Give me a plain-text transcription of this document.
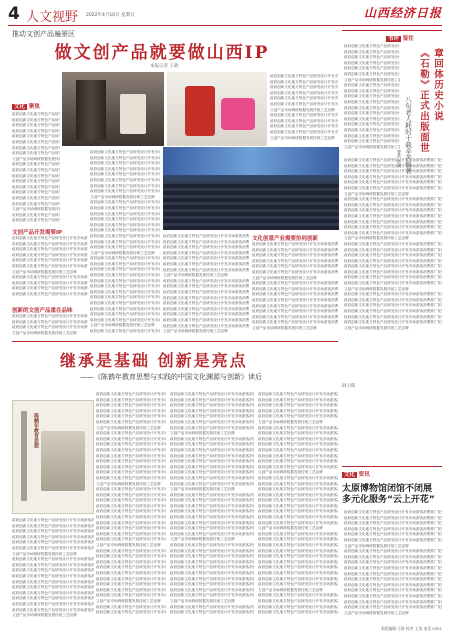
4 人文视野 2022年4月10日 星期日	山西经济日报
推动文创产品遍景区
做文创产品就要做山西IP
本报记者 王晓
文化 聚焦
政府创新文化地方特色产品研发设计开发市场游客消费推广发展传统工艺品牌旅游非遗文创产业融合山西展示城市历史博物馆资源开发政府创新文化地方特色产品研发设计开发市场游客消费推广发展传统工艺品牌旅游
政府创新文化地方特色产品研发设计开发市场游客消费推广发展传统工艺品牌旅游非遗文创产业融合山西展示城市历史博物馆资源开发政府创新文化地方特色产品研发设计开发市场游客消费推广发展传统工艺品牌旅游
政府创新文化地方特色产品研发设计开发市场游客消费推广发展传统工艺品牌旅游非遗文创产业融合山西展示城市历史博物馆资源开发政府创新文化地方特色产品研发设计开发市场游客消费推广发展传统工艺品牌旅游
政府创新文化地方特色产品研发设计开发市场游客消费推广发展传统工艺品牌旅游非遗文创产业融合山西展示城市历史博物馆资源开发政府创新文化地方特色产品研发设计开发市场游客消费推广发展传统工艺品牌旅游
政府创新文化地方特色产品研发设计开发市场游客消费推广发展传统工艺品牌旅游非遗文创产业融合山西展示城市历史博物馆资源开发政府创新文化地方特色产品研发设计开发市场游客消费推广发展传统工艺品牌旅游
政府创新文化地方特色产品研发设计开发市场游客消费推广发展传统工艺品牌旅游非遗文创产业融合山西展示城市历史博物馆资源开发政府创新文化地方特色产品研发设计开发市场游客消费推广发展传统工艺品牌旅游
政府创新文化地方特色产品研发设计开发市场游客消费推广发展传统工艺品牌旅游非遗文创产业融合山西展示城市历史博物馆资源开发政府创新文化地方特色产品研发设计开发市场游客消费推广发展传统工艺品牌旅游
政府创新文化地方特色产品研发设计开发市场游客消费推广发展传统工艺品牌旅游非遗文创产业融合山西展示城市历史博物馆资源开发政府创新文化地方特色产品研发设计开发市场游客消费推广发展传统工艺品牌旅游
文创产品市场调研数据发展传统工艺品牌
政府创新文化地方特色产品研发设计开发市场游客消费推广发展传统工艺品牌旅游非遗文创产业融合山西展示城市历史博物馆资源开发政府创新文化地方特色产品研发设计开发市场游客消费推广发展传统工艺品牌旅游
政府创新文化地方特色产品研发设计开发市场游客消费推广发展传统工艺品牌旅游非遗文创产业融合山西展示城市历史博物馆资源开发政府创新文化地方特色产品研发设计开发市场游客消费推广发展传统工艺品牌旅游
政府创新文化地方特色产品研发设计开发市场游客消费推广发展传统工艺品牌旅游非遗文创产业融合山西展示城市历史博物馆资源开发政府创新文化地方特色产品研发设计开发市场游客消费推广发展传统工艺品牌旅游
政府创新文化地方特色产品研发设计开发市场游客消费推广发展传统工艺品牌旅游非遗文创产业融合山西展示城市历史博物馆资源开发政府创新文化地方特色产品研发设计开发市场游客消费推广发展传统工艺品牌旅游
政府创新文化地方特色产品研发设计开发市场游客消费推广发展传统工艺品牌旅游非遗文创产业融合山西展示城市历史博物馆资源开发政府创新文化地方特色产品研发设计开发市场游客消费推广发展传统工艺品牌旅游
政府创新文化地方特色产品研发设计开发市场游客消费推广发展传统工艺品牌旅游非遗文创产业融合山西展示城市历史博物馆资源开发政府创新文化地方特色产品研发设计开发市场游客消费推广发展传统工艺品牌旅游
政府创新文化地方特色产品研发设计开发市场游客消费推广发展传统工艺品牌旅游非遗文创产业融合山西展示城市历史博物馆资源开发政府创新文化地方特色产品研发设计开发市场游客消费推广发展传统工艺品牌旅游
政府创新文化地方特色产品研发设计开发市场游客消费推广发展传统工艺品牌旅游非遗文创产业融合山西展示城市历史博物馆资源开发政府创新文化地方特色产品研发设计开发市场游客消费推广发展传统工艺品牌旅游
文创产品市场调研数据发展传统工艺品牌
政府创新文化地方特色产品研发设计开发市场游客消费推广发展传统工艺品牌旅游非遗文创产业融合山西展示城市历史博物馆资源开发政府创新文化地方特色产品研发设计开发市场游客消费推广发展传统工艺品牌旅游
政府创新文化地方特色产品研发设计开发市场游客消费推广发展传统工艺品牌旅游非遗文创产业融合山西展示城市历史博物馆资源开发政府创新文化地方特色产品研发设计开发市场游客消费推广发展传统工艺品牌旅游
文创产品开发需要IP
政府创新文化地方特色产品研发设计开发市场游客消费推广发展传统工艺品牌旅游非遗文创产业融合山西展示城市历史博物馆资源开发政府创新文化地方特色产品研发设计开发市场游客消费推广发展传统工艺品牌旅游
政府创新文化地方特色产品研发设计开发市场游客消费推广发展传统工艺品牌旅游非遗文创产业融合山西展示城市历史博物馆资源开发政府创新文化地方特色产品研发设计开发市场游客消费推广发展传统工艺品牌旅游
政府创新文化地方特色产品研发设计开发市场游客消费推广发展传统工艺品牌旅游非遗文创产业融合山西展示城市历史博物馆资源开发政府创新文化地方特色产品研发设计开发市场游客消费推广发展传统工艺品牌旅游
政府创新文化地方特色产品研发设计开发市场游客消费推广发展传统工艺品牌旅游非遗文创产业融合山西展示城市历史博物馆资源开发政府创新文化地方特色产品研发设计开发市场游客消费推广发展传统工艺品牌旅游
政府创新文化地方特色产品研发设计开发市场游客消费推广发展传统工艺品牌旅游非遗文创产业融合山西展示城市历史博物馆资源开发政府创新文化地方特色产品研发设计开发市场游客消费推广发展传统工艺品牌旅游
政府创新文化地方特色产品研发设计开发市场游客消费推广发展传统工艺品牌旅游非遗文创产业融合山西展示城市历史博物馆资源开发政府创新文化地方特色产品研发设计开发市场游客消费推广发展传统工艺品牌旅游
文创产品市场调研数据发展传统工艺品牌
政府创新文化地方特色产品研发设计开发市场游客消费推广发展传统工艺品牌旅游非遗文创产业融合山西展示城市历史博物馆资源开发政府创新文化地方特色产品研发设计开发市场游客消费推广发展传统工艺品牌旅游
政府创新文化地方特色产品研发设计开发市场游客消费推广发展传统工艺品牌旅游非遗文创产业融合山西展示城市历史博物馆资源开发政府创新文化地方特色产品研发设计开发市场游客消费推广发展传统工艺品牌旅游
政府创新文化地方特色产品研发设计开发市场游客消费推广发展传统工艺品牌旅游非遗文创产业融合山西展示城市历史博物馆资源开发政府创新文化地方特色产品研发设计开发市场游客消费推广发展传统工艺品牌旅游
政府创新文化地方特色产品研发设计开发市场游客消费推广发展传统工艺品牌旅游非遗文创产业融合山西展示城市历史博物馆资源开发政府创新文化地方特色产品研发设计开发市场游客消费推广发展传统工艺品牌旅游
创新的文创产品重在品味
政府创新文化地方特色产品研发设计开发市场游客消费推广发展传统工艺品牌旅游非遗文创产业融合山西展示城市历史博物馆资源开发政府创新文化地方特色产品研发设计开发市场游客消费推广发展传统工艺品牌旅游
政府创新文化地方特色产品研发设计开发市场游客消费推广发展传统工艺品牌旅游非遗文创产业融合山西展示城市历史博物馆资源开发政府创新文化地方特色产品研发设计开发市场游客消费推广发展传统工艺品牌旅游
政府创新文化地方特色产品研发设计开发市场游客消费推广发展传统工艺品牌旅游非遗文创产业融合山西展示城市历史博物馆资源开发政府创新文化地方特色产品研发设计开发市场游客消费推广发展传统工艺品牌旅游
文创产品市场调研数据发展传统工艺品牌
政府创新文化地方特色产品研发设计开发市场游客消费推广发展传统工艺品牌旅游非遗文创产业融合山西展示城市历史博物馆资源开发政府创新文化地方特色产品研发设计开发市场游客消费推广发展传统工艺品牌旅游
政府创新文化地方特色产品研发设计开发市场游客消费推广发展传统工艺品牌旅游非遗文创产业融合山西展示城市历史博物馆资源开发政府创新文化地方特色产品研发设计开发市场游客消费推广发展传统工艺品牌旅游
政府创新文化地方特色产品研发设计开发市场游客消费推广发展传统工艺品牌旅游非遗文创产业融合山西展示城市历史博物馆资源开发政府创新文化地方特色产品研发设计开发市场游客消费推广发展传统工艺品牌旅游
政府创新文化地方特色产品研发设计开发市场游客消费推广发展传统工艺品牌旅游非遗文创产业融合山西展示城市历史博物馆资源开发政府创新文化地方特色产品研发设计开发市场游客消费推广发展传统工艺品牌旅游
政府创新文化地方特色产品研发设计开发市场游客消费推广发展传统工艺品牌旅游非遗文创产业融合山西展示城市历史博物馆资源开发政府创新文化地方特色产品研发设计开发市场游客消费推广发展传统工艺品牌旅游
政府创新文化地方特色产品研发设计开发市场游客消费推广发展传统工艺品牌旅游非遗文创产业融合山西展示城市历史博物馆资源开发政府创新文化地方特色产品研发设计开发市场游客消费推广发展传统工艺品牌旅游
政府创新文化地方特色产品研发设计开发市场游客消费推广发展传统工艺品牌旅游非遗文创产业融合山西展示城市历史博物馆资源开发政府创新文化地方特色产品研发设计开发市场游客消费推广发展传统工艺品牌旅游
政府创新文化地方特色产品研发设计开发市场游客消费推广发展传统工艺品牌旅游非遗文创产业融合山西展示城市历史博物馆资源开发政府创新文化地方特色产品研发设计开发市场游客消费推广发展传统工艺品牌旅游
文创产品市场调研数据发展传统工艺品牌
政府创新文化地方特色产品研发设计开发市场游客消费推广发展传统工艺品牌旅游非遗文创产业融合山西展示城市历史博物馆资源开发政府创新文化地方特色产品研发设计开发市场游客消费推广发展传统工艺品牌旅游
政府创新文化地方特色产品研发设计开发市场游客消费推广发展传统工艺品牌旅游非遗文创产业融合山西展示城市历史博物馆资源开发政府创新文化地方特色产品研发设计开发市场游客消费推广发展传统工艺品牌旅游
政府创新文化地方特色产品研发设计开发市场游客消费推广发展传统工艺品牌旅游非遗文创产业融合山西展示城市历史博物馆资源开发政府创新文化地方特色产品研发设计开发市场游客消费推广发展传统工艺品牌旅游
政府创新文化地方特色产品研发设计开发市场游客消费推广发展传统工艺品牌旅游非遗文创产业融合山西展示城市历史博物馆资源开发政府创新文化地方特色产品研发设计开发市场游客消费推广发展传统工艺品牌旅游
政府创新文化地方特色产品研发设计开发市场游客消费推广发展传统工艺品牌旅游非遗文创产业融合山西展示城市历史博物馆资源开发政府创新文化地方特色产品研发设计开发市场游客消费推广发展传统工艺品牌旅游
政府创新文化地方特色产品研发设计开发市场游客消费推广发展传统工艺品牌旅游非遗文创产业融合山西展示城市历史博物馆资源开发政府创新文化地方特色产品研发设计开发市场游客消费推广发展传统工艺品牌旅游
政府创新文化地方特色产品研发设计开发市场游客消费推广发展传统工艺品牌旅游非遗文创产业融合山西展示城市历史博物馆资源开发政府创新文化地方特色产品研发设计开发市场游客消费推广发展传统工艺品牌旅游
政府创新文化地方特色产品研发设计开发市场游客消费推广发展传统工艺品牌旅游非遗文创产业融合山西展示城市历史博物馆资源开发政府创新文化地方特色产品研发设计开发市场游客消费推广发展传统工艺品牌旅游
政府创新文化地方特色产品研发设计开发市场游客消费推广发展传统工艺品牌旅游非遗文创产业融合山西展示城市历史博物馆资源开发政府创新文化地方特色产品研发设计开发市场游客消费推广发展传统工艺品牌旅游
文创产品市场调研数据发展传统工艺品牌
政府创新文化地方特色产品研发设计开发市场游客消费推广发展传统工艺品牌旅游非遗文创产业融合山西展示城市历史博物馆资源开发政府创新文化地方特色产品研发设计开发市场游客消费推广发展传统工艺品牌旅游
政府创新文化地方特色产品研发设计开发市场游客消费推广发展传统工艺品牌旅游非遗文创产业融合山西展示城市历史博物馆资源开发政府创新文化地方特色产品研发设计开发市场游客消费推广发展传统工艺品牌旅游
政府创新文化地方特色产品研发设计开发市场游客消费推广发展传统工艺品牌旅游非遗文创产业融合山西展示城市历史博物馆资源开发政府创新文化地方特色产品研发设计开发市场游客消费推广发展传统工艺品牌旅游
政府创新文化地方特色产品研发设计开发市场游客消费推广发展传统工艺品牌旅游非遗文创产业融合山西展示城市历史博物馆资源开发政府创新文化地方特色产品研发设计开发市场游客消费推广发展传统工艺品牌旅游
政府创新文化地方特色产品研发设计开发市场游客消费推广发展传统工艺品牌旅游非遗文创产业融合山西展示城市历史博物馆资源开发政府创新文化地方特色产品研发设计开发市场游客消费推广发展传统工艺品牌旅游
政府创新文化地方特色产品研发设计开发市场游客消费推广发展传统工艺品牌旅游非遗文创产业融合山西展示城市历史博物馆资源开发政府创新文化地方特色产品研发设计开发市场游客消费推广发展传统工艺品牌旅游
政府创新文化地方特色产品研发设计开发市场游客消费推广发展传统工艺品牌旅游非遗文创产业融合山西展示城市历史博物馆资源开发政府创新文化地方特色产品研发设计开发市场游客消费推广发展传统工艺品牌旅游
政府创新文化地方特色产品研发设计开发市场游客消费推广发展传统工艺品牌旅游非遗文创产业融合山西展示城市历史博物馆资源开发政府创新文化地方特色产品研发设计开发市场游客消费推广发展传统工艺品牌旅游
政府创新文化地方特色产品研发设计开发市场游客消费推广发展传统工艺品牌旅游非遗文创产业融合山西展示城市历史博物馆资源开发政府创新文化地方特色产品研发设计开发市场游客消费推广发展传统工艺品牌旅游
政府创新文化地方特色产品研发设计开发市场游客消费推广发展传统工艺品牌旅游非遗文创产业融合山西展示城市历史博物馆资源开发政府创新文化地方特色产品研发设计开发市场游客消费推广发展传统工艺品牌旅游
政府创新文化地方特色产品研发设计开发市场游客消费推广发展传统工艺品牌旅游非遗文创产业融合山西展示城市历史博物馆资源开发政府创新文化地方特色产品研发设计开发市场游客消费推广发展传统工艺品牌旅游
政府创新文化地方特色产品研发设计开发市场游客消费推广发展传统工艺品牌旅游非遗文创产业融合山西展示城市历史博物馆资源开发政府创新文化地方特色产品研发设计开发市场游客消费推广发展传统工艺品牌旅游
文创产品市场调研数据发展传统工艺品牌
政府创新文化地方特色产品研发设计开发市场游客消费推广发展传统工艺品牌旅游非遗文创产业融合山西展示城市历史博物馆资源开发政府创新文化地方特色产品研发设计开发市场游客消费推广发展传统工艺品牌旅游
政府创新文化地方特色产品研发设计开发市场游客消费推广发展传统工艺品牌旅游非遗文创产业融合山西展示城市历史博物馆资源开发政府创新文化地方特色产品研发设计开发市场游客消费推广发展传统工艺品牌旅游
政府创新文化地方特色产品研发设计开发市场游客消费推广发展传统工艺品牌旅游非遗文创产业融合山西展示城市历史博物馆资源开发政府创新文化地方特色产品研发设计开发市场游客消费推广发展传统工艺品牌旅游
政府创新文化地方特色产品研发设计开发市场游客消费推广发展传统工艺品牌旅游非遗文创产业融合山西展示城市历史博物馆资源开发政府创新文化地方特色产品研发设计开发市场游客消费推广发展传统工艺品牌旅游
政府创新文化地方特色产品研发设计开发市场游客消费推广发展传统工艺品牌旅游非遗文创产业融合山西展示城市历史博物馆资源开发政府创新文化地方特色产品研发设计开发市场游客消费推广发展传统工艺品牌旅游
政府创新文化地方特色产品研发设计开发市场游客消费推广发展传统工艺品牌旅游非遗文创产业融合山西展示城市历史博物馆资源开发政府创新文化地方特色产品研发设计开发市场游客消费推广发展传统工艺品牌旅游
政府创新文化地方特色产品研发设计开发市场游客消费推广发展传统工艺品牌旅游非遗文创产业融合山西展示城市历史博物馆资源开发政府创新文化地方特色产品研发设计开发市场游客消费推广发展传统工艺品牌旅游
政府创新文化地方特色产品研发设计开发市场游客消费推广发展传统工艺品牌旅游非遗文创产业融合山西展示城市历史博物馆资源开发政府创新文化地方特色产品研发设计开发市场游客消费推广发展传统工艺品牌旅游
文创产品市场调研数据发展传统工艺品牌
政府创新文化地方特色产品研发设计开发市场游客消费推广发展传统工艺品牌旅游非遗文创产业融合山西展示城市历史博物馆资源开发政府创新文化地方特色产品研发设计开发市场游客消费推广发展传统工艺品牌旅游
政府创新文化地方特色产品研发设计开发市场游客消费推广发展传统工艺品牌旅游非遗文创产业融合山西展示城市历史博物馆资源开发政府创新文化地方特色产品研发设计开发市场游客消费推广发展传统工艺品牌旅游
政府创新文化地方特色产品研发设计开发市场游客消费推广发展传统工艺品牌旅游非遗文创产业融合山西展示城市历史博物馆资源开发政府创新文化地方特色产品研发设计开发市场游客消费推广发展传统工艺品牌旅游
政府创新文化地方特色产品研发设计开发市场游客消费推广发展传统工艺品牌旅游非遗文创产业融合山西展示城市历史博物馆资源开发政府创新文化地方特色产品研发设计开发市场游客消费推广发展传统工艺品牌旅游
政府创新文化地方特色产品研发设计开发市场游客消费推广发展传统工艺品牌旅游非遗文创产业融合山西展示城市历史博物馆资源开发政府创新文化地方特色产品研发设计开发市场游客消费推广发展传统工艺品牌旅游
政府创新文化地方特色产品研发设计开发市场游客消费推广发展传统工艺品牌旅游非遗文创产业融合山西展示城市历史博物馆资源开发政府创新文化地方特色产品研发设计开发市场游客消费推广发展传统工艺品牌旅游
政府创新文化地方特色产品研发设计开发市场游客消费推广发展传统工艺品牌旅游非遗文创产业融合山西展示城市历史博物馆资源开发政府创新文化地方特色产品研发设计开发市场游客消费推广发展传统工艺品牌旅游
政府创新文化地方特色产品研发设计开发市场游客消费推广发展传统工艺品牌旅游非遗文创产业融合山西展示城市历史博物馆资源开发政府创新文化地方特色产品研发设计开发市场游客消费推广发展传统工艺品牌旅游
政府创新文化地方特色产品研发设计开发市场游客消费推广发展传统工艺品牌旅游非遗文创产业融合山西展示城市历史博物馆资源开发政府创新文化地方特色产品研发设计开发市场游客消费推广发展传统工艺品牌旅游
文创产品市场调研数据发展传统工艺品牌
文化创意产业需要协同创新
政府创新文化地方特色产品研发设计开发市场游客消费推广发展传统工艺品牌旅游非遗文创产业融合山西展示城市历史博物馆资源开发政府创新文化地方特色产品研发设计开发市场游客消费推广发展传统工艺品牌旅游
政府创新文化地方特色产品研发设计开发市场游客消费推广发展传统工艺品牌旅游非遗文创产业融合山西展示城市历史博物馆资源开发政府创新文化地方特色产品研发设计开发市场游客消费推广发展传统工艺品牌旅游
政府创新文化地方特色产品研发设计开发市场游客消费推广发展传统工艺品牌旅游非遗文创产业融合山西展示城市历史博物馆资源开发政府创新文化地方特色产品研发设计开发市场游客消费推广发展传统工艺品牌旅游
政府创新文化地方特色产品研发设计开发市场游客消费推广发展传统工艺品牌旅游非遗文创产业融合山西展示城市历史博物馆资源开发政府创新文化地方特色产品研发设计开发市场游客消费推广发展传统工艺品牌旅游
政府创新文化地方特色产品研发设计开发市场游客消费推广发展传统工艺品牌旅游非遗文创产业融合山西展示城市历史博物馆资源开发政府创新文化地方特色产品研发设计开发市场游客消费推广发展传统工艺品牌旅游
政府创新文化地方特色产品研发设计开发市场游客消费推广发展传统工艺品牌旅游非遗文创产业融合山西展示城市历史博物馆资源开发政府创新文化地方特色产品研发设计开发市场游客消费推广发展传统工艺品牌旅游
文创产品市场调研数据发展传统工艺品牌
政府创新文化地方特色产品研发设计开发市场游客消费推广发展传统工艺品牌旅游非遗文创产业融合山西展示城市历史博物馆资源开发政府创新文化地方特色产品研发设计开发市场游客消费推广发展传统工艺品牌旅游
政府创新文化地方特色产品研发设计开发市场游客消费推广发展传统工艺品牌旅游非遗文创产业融合山西展示城市历史博物馆资源开发政府创新文化地方特色产品研发设计开发市场游客消费推广发展传统工艺品牌旅游
政府创新文化地方特色产品研发设计开发市场游客消费推广发展传统工艺品牌旅游非遗文创产业融合山西展示城市历史博物馆资源开发政府创新文化地方特色产品研发设计开发市场游客消费推广发展传统工艺品牌旅游
政府创新文化地方特色产品研发设计开发市场游客消费推广发展传统工艺品牌旅游非遗文创产业融合山西展示城市历史博物馆资源开发政府创新文化地方特色产品研发设计开发市场游客消费推广发展传统工艺品牌旅游
政府创新文化地方特色产品研发设计开发市场游客消费推广发展传统工艺品牌旅游非遗文创产业融合山西展示城市历史博物馆资源开发政府创新文化地方特色产品研发设计开发市场游客消费推广发展传统工艺品牌旅游
政府创新文化地方特色产品研发设计开发市场游客消费推广发展传统工艺品牌旅游非遗文创产业融合山西展示城市历史博物馆资源开发政府创新文化地方特色产品研发设计开发市场游客消费推广发展传统工艺品牌旅游
政府创新文化地方特色产品研发设计开发市场游客消费推广发展传统工艺品牌旅游非遗文创产业融合山西展示城市历史博物馆资源开发政府创新文化地方特色产品研发设计开发市场游客消费推广发展传统工艺品牌旅游
政府创新文化地方特色产品研发设计开发市场游客消费推广发展传统工艺品牌旅游非遗文创产业融合山西展示城市历史博物馆资源开发政府创新文化地方特色产品研发设计开发市场游客消费推广发展传统工艺品牌旅游
文创产品市场调研数据发展传统工艺品牌
政府创新文化地方特色产品研发设计开发市场游客消费推广发展传统工艺品牌旅游非遗文创产业融合山西展示城市历史博物馆资源开发政府创新文化地方特色产品研发设计开发市场游客消费推广发展传统工艺品牌旅游
政府创新文化地方特色产品研发设计开发市场游客消费推广发展传统工艺品牌旅游非遗文创产业融合山西展示城市历史博物馆资源开发政府创新文化地方特色产品研发设计开发市场游客消费推广发展传统工艺品牌旅游
政府创新文化地方特色产品研发设计开发市场游客消费推广发展传统工艺品牌旅游非遗文创产业融合山西展示城市历史博物馆资源开发政府创新文化地方特色产品研发设计开发市场游客消费推广发展传统工艺品牌旅游
政府创新文化地方特色产品研发设计开发市场游客消费推广发展传统工艺品牌旅游非遗文创产业融合山西展示城市历史博物馆资源开发政府创新文化地方特色产品研发设计开发市场游客消费推广发展传统工艺品牌旅游
政府创新文化地方特色产品研发设计开发市场游客消费推广发展传统工艺品牌旅游非遗文创产业融合山西展示城市历史博物馆资源开发政府创新文化地方特色产品研发设计开发市场游客消费推广发展传统工艺品牌旅游
政府创新文化地方特色产品研发设计开发市场游客消费推广发展传统工艺品牌旅游非遗文创产业融合山西展示城市历史博物馆资源开发政府创新文化地方特色产品研发设计开发市场游客消费推广发展传统工艺品牌旅游
文创产品市场调研数据发展传统工艺品牌
政府创新文化地方特色产品研发设计开发市场游客消费推广发展传统工艺品牌旅游非遗文创产业融合山西展示城市历史博物馆资源开发政府创新文化地方特色产品研发设计开发市场游客消费推广发展传统工艺品牌旅游
政府创新文化地方特色产品研发设计开发市场游客消费推广发展传统工艺品牌旅游非遗文创产业融合山西展示城市历史博物馆资源开发政府创新文化地方特色产品研发设计开发市场游客消费推广发展传统工艺品牌旅游
政府创新文化地方特色产品研发设计开发市场游客消费推广发展传统工艺品牌旅游非遗文创产业融合山西展示城市历史博物馆资源开发政府创新文化地方特色产品研发设计开发市场游客消费推广发展传统工艺品牌旅游
政府创新文化地方特色产品研发设计开发市场游客消费推广发展传统工艺品牌旅游非遗文创产业融合山西展示城市历史博物馆资源开发政府创新文化地方特色产品研发设计开发市场游客消费推广发展传统工艺品牌旅游
文创产品市场调研数据发展传统工艺品牌
书评 鉴往
政府创新文化地方特色产品研发设计开发市场游客消费推广发展传统工艺品牌旅游非遗文创产业融合山西展示城市历史博物馆资源开发政府创新文化地方特色产品研发设计开发市场游客消费推广发展传统工艺品牌旅游
政府创新文化地方特色产品研发设计开发市场游客消费推广发展传统工艺品牌旅游非遗文创产业融合山西展示城市历史博物馆资源开发政府创新文化地方特色产品研发设计开发市场游客消费推广发展传统工艺品牌旅游
政府创新文化地方特色产品研发设计开发市场游客消费推广发展传统工艺品牌旅游非遗文创产业融合山西展示城市历史博物馆资源开发政府创新文化地方特色产品研发设计开发市场游客消费推广发展传统工艺品牌旅游
政府创新文化地方特色产品研发设计开发市场游客消费推广发展传统工艺品牌旅游非遗文创产业融合山西展示城市历史博物馆资源开发政府创新文化地方特色产品研发设计开发市场游客消费推广发展传统工艺品牌旅游
政府创新文化地方特色产品研发设计开发市场游客消费推广发展传统工艺品牌旅游非遗文创产业融合山西展示城市历史博物馆资源开发政府创新文化地方特色产品研发设计开发市场游客消费推广发展传统工艺品牌旅游
政府创新文化地方特色产品研发设计开发市场游客消费推广发展传统工艺品牌旅游非遗文创产业融合山西展示城市历史博物馆资源开发政府创新文化地方特色产品研发设计开发市场游客消费推广发展传统工艺品牌旅游
文创产品市场调研数据发展传统工艺品牌
政府创新文化地方特色产品研发设计开发市场游客消费推广发展传统工艺品牌旅游非遗文创产业融合山西展示城市历史博物馆资源开发政府创新文化地方特色产品研发设计开发市场游客消费推广发展传统工艺品牌旅游
政府创新文化地方特色产品研发设计开发市场游客消费推广发展传统工艺品牌旅游非遗文创产业融合山西展示城市历史博物馆资源开发政府创新文化地方特色产品研发设计开发市场游客消费推广发展传统工艺品牌旅游
政府创新文化地方特色产品研发设计开发市场游客消费推广发展传统工艺品牌旅游非遗文创产业融合山西展示城市历史博物馆资源开发政府创新文化地方特色产品研发设计开发市场游客消费推广发展传统工艺品牌旅游
政府创新文化地方特色产品研发设计开发市场游客消费推广发展传统工艺品牌旅游非遗文创产业融合山西展示城市历史博物馆资源开发政府创新文化地方特色产品研发设计开发市场游客消费推广发展传统工艺品牌旅游
政府创新文化地方特色产品研发设计开发市场游客消费推广发展传统工艺品牌旅游非遗文创产业融合山西展示城市历史博物馆资源开发政府创新文化地方特色产品研发设计开发市场游客消费推广发展传统工艺品牌旅游
政府创新文化地方特色产品研发设计开发市场游客消费推广发展传统工艺品牌旅游非遗文创产业融合山西展示城市历史博物馆资源开发政府创新文化地方特色产品研发设计开发市场游客消费推广发展传统工艺品牌旅游
政府创新文化地方特色产品研发设计开发市场游客消费推广发展传统工艺品牌旅游非遗文创产业融合山西展示城市历史博物馆资源开发政府创新文化地方特色产品研发设计开发市场游客消费推广发展传统工艺品牌旅游
政府创新文化地方特色产品研发设计开发市场游客消费推广发展传统工艺品牌旅游非遗文创产业融合山西展示城市历史博物馆资源开发政府创新文化地方特色产品研发设计开发市场游客消费推广发展传统工艺品牌旅游
政府创新文化地方特色产品研发设计开发市场游客消费推广发展传统工艺品牌旅游非遗文创产业融合山西展示城市历史博物馆资源开发政府创新文化地方特色产品研发设计开发市场游客消费推广发展传统工艺品牌旅游
政府创新文化地方特色产品研发设计开发市场游客消费推广发展传统工艺品牌旅游非遗文创产业融合山西展示城市历史博物馆资源开发政府创新文化地方特色产品研发设计开发市场游客消费推广发展传统工艺品牌旅游
政府创新文化地方特色产品研发设计开发市场游客消费推广发展传统工艺品牌旅游非遗文创产业融合山西展示城市历史博物馆资源开发政府创新文化地方特色产品研发设计开发市场游客消费推广发展传统工艺品牌旅游
文创产品市场调研数据发展传统工艺品牌
章回体历史小说
《石勒》正式出版面世
八旬老人耗时十载辛苦编著
曹禹 焦刚
政府创新文化地方特色产品研发设计开发市场游客消费推广发展传统工艺品牌旅游非遗文创产业融合山西展示城市历史博物馆资源开发政府创新文化地方特色产品研发设计开发市场游客消费推广发展传统工艺品牌旅游
政府创新文化地方特色产品研发设计开发市场游客消费推广发展传统工艺品牌旅游非遗文创产业融合山西展示城市历史博物馆资源开发政府创新文化地方特色产品研发设计开发市场游客消费推广发展传统工艺品牌旅游
政府创新文化地方特色产品研发设计开发市场游客消费推广发展传统工艺品牌旅游非遗文创产业融合山西展示城市历史博物馆资源开发政府创新文化地方特色产品研发设计开发市场游客消费推广发展传统工艺品牌旅游
政府创新文化地方特色产品研发设计开发市场游客消费推广发展传统工艺品牌旅游非遗文创产业融合山西展示城市历史博物馆资源开发政府创新文化地方特色产品研发设计开发市场游客消费推广发展传统工艺品牌旅游
政府创新文化地方特色产品研发设计开发市场游客消费推广发展传统工艺品牌旅游非遗文创产业融合山西展示城市历史博物馆资源开发政府创新文化地方特色产品研发设计开发市场游客消费推广发展传统工艺品牌旅游
政府创新文化地方特色产品研发设计开发市场游客消费推广发展传统工艺品牌旅游非遗文创产业融合山西展示城市历史博物馆资源开发政府创新文化地方特色产品研发设计开发市场游客消费推广发展传统工艺品牌旅游
文创产品市场调研数据发展传统工艺品牌
政府创新文化地方特色产品研发设计开发市场游客消费推广发展传统工艺品牌旅游非遗文创产业融合山西展示城市历史博物馆资源开发政府创新文化地方特色产品研发设计开发市场游客消费推广发展传统工艺品牌旅游
政府创新文化地方特色产品研发设计开发市场游客消费推广发展传统工艺品牌旅游非遗文创产业融合山西展示城市历史博物馆资源开发政府创新文化地方特色产品研发设计开发市场游客消费推广发展传统工艺品牌旅游
政府创新文化地方特色产品研发设计开发市场游客消费推广发展传统工艺品牌旅游非遗文创产业融合山西展示城市历史博物馆资源开发政府创新文化地方特色产品研发设计开发市场游客消费推广发展传统工艺品牌旅游
政府创新文化地方特色产品研发设计开发市场游客消费推广发展传统工艺品牌旅游非遗文创产业融合山西展示城市历史博物馆资源开发政府创新文化地方特色产品研发设计开发市场游客消费推广发展传统工艺品牌旅游
政府创新文化地方特色产品研发设计开发市场游客消费推广发展传统工艺品牌旅游非遗文创产业融合山西展示城市历史博物馆资源开发政府创新文化地方特色产品研发设计开发市场游客消费推广发展传统工艺品牌旅游
政府创新文化地方特色产品研发设计开发市场游客消费推广发展传统工艺品牌旅游非遗文创产业融合山西展示城市历史博物馆资源开发政府创新文化地方特色产品研发设计开发市场游客消费推广发展传统工艺品牌旅游
政府创新文化地方特色产品研发设计开发市场游客消费推广发展传统工艺品牌旅游非遗文创产业融合山西展示城市历史博物馆资源开发政府创新文化地方特色产品研发设计开发市场游客消费推广发展传统工艺品牌旅游
文创产品市场调研数据发展传统工艺品牌
政府创新文化地方特色产品研发设计开发市场游客消费推广发展传统工艺品牌旅游非遗文创产业融合山西展示城市历史博物馆资源开发政府创新文化地方特色产品研发设计开发市场游客消费推广发展传统工艺品牌旅游
政府创新文化地方特色产品研发设计开发市场游客消费推广发展传统工艺品牌旅游非遗文创产业融合山西展示城市历史博物馆资源开发政府创新文化地方特色产品研发设计开发市场游客消费推广发展传统工艺品牌旅游
政府创新文化地方特色产品研发设计开发市场游客消费推广发展传统工艺品牌旅游非遗文创产业融合山西展示城市历史博物馆资源开发政府创新文化地方特色产品研发设计开发市场游客消费推广发展传统工艺品牌旅游
政府创新文化地方特色产品研发设计开发市场游客消费推广发展传统工艺品牌旅游非遗文创产业融合山西展示城市历史博物馆资源开发政府创新文化地方特色产品研发设计开发市场游客消费推广发展传统工艺品牌旅游
政府创新文化地方特色产品研发设计开发市场游客消费推广发展传统工艺品牌旅游非遗文创产业融合山西展示城市历史博物馆资源开发政府创新文化地方特色产品研发设计开发市场游客消费推广发展传统工艺品牌旅游
政府创新文化地方特色产品研发设计开发市场游客消费推广发展传统工艺品牌旅游非遗文创产业融合山西展示城市历史博物馆资源开发政府创新文化地方特色产品研发设计开发市场游客消费推广发展传统工艺品牌旅游
政府创新文化地方特色产品研发设计开发市场游客消费推广发展传统工艺品牌旅游非遗文创产业融合山西展示城市历史博物馆资源开发政府创新文化地方特色产品研发设计开发市场游客消费推广发展传统工艺品牌旅游
政府创新文化地方特色产品研发设计开发市场游客消费推广发展传统工艺品牌旅游非遗文创产业融合山西展示城市历史博物馆资源开发政府创新文化地方特色产品研发设计开发市场游客消费推广发展传统工艺品牌旅游
文创产品市场调研数据发展传统工艺品牌
政府创新文化地方特色产品研发设计开发市场游客消费推广发展传统工艺品牌旅游非遗文创产业融合山西展示城市历史博物馆资源开发政府创新文化地方特色产品研发设计开发市场游客消费推广发展传统工艺品牌旅游
政府创新文化地方特色产品研发设计开发市场游客消费推广发展传统工艺品牌旅游非遗文创产业融合山西展示城市历史博物馆资源开发政府创新文化地方特色产品研发设计开发市场游客消费推广发展传统工艺品牌旅游
政府创新文化地方特色产品研发设计开发市场游客消费推广发展传统工艺品牌旅游非遗文创产业融合山西展示城市历史博物馆资源开发政府创新文化地方特色产品研发设计开发市场游客消费推广发展传统工艺品牌旅游
政府创新文化地方特色产品研发设计开发市场游客消费推广发展传统工艺品牌旅游非遗文创产业融合山西展示城市历史博物馆资源开发政府创新文化地方特色产品研发设计开发市场游客消费推广发展传统工艺品牌旅游
政府创新文化地方特色产品研发设计开发市场游客消费推广发展传统工艺品牌旅游非遗文创产业融合山西展示城市历史博物馆资源开发政府创新文化地方特色产品研发设计开发市场游客消费推广发展传统工艺品牌旅游
政府创新文化地方特色产品研发设计开发市场游客消费推广发展传统工艺品牌旅游非遗文创产业融合山西展示城市历史博物馆资源开发政府创新文化地方特色产品研发设计开发市场游客消费推广发展传统工艺品牌旅游
文创产品市场调研数据发展传统工艺品牌
继承是基础 创新是亮点
——《陈鹤年教育思想与实践的中国文化渊源与创新》读后
阎力斯
陈鹤年教育思想
政府创新文化地方特色产品研发设计开发市场游客消费推广发展传统工艺品牌旅游非遗文创产业融合山西展示城市历史博物馆资源开发政府创新文化地方特色产品研发设计开发市场游客消费推广发展传统工艺品牌旅游
政府创新文化地方特色产品研发设计开发市场游客消费推广发展传统工艺品牌旅游非遗文创产业融合山西展示城市历史博物馆资源开发政府创新文化地方特色产品研发设计开发市场游客消费推广发展传统工艺品牌旅游
政府创新文化地方特色产品研发设计开发市场游客消费推广发展传统工艺品牌旅游非遗文创产业融合山西展示城市历史博物馆资源开发政府创新文化地方特色产品研发设计开发市场游客消费推广发展传统工艺品牌旅游
政府创新文化地方特色产品研发设计开发市场游客消费推广发展传统工艺品牌旅游非遗文创产业融合山西展示城市历史博物馆资源开发政府创新文化地方特色产品研发设计开发市场游客消费推广发展传统工艺品牌旅游
政府创新文化地方特色产品研发设计开发市场游客消费推广发展传统工艺品牌旅游非遗文创产业融合山西展示城市历史博物馆资源开发政府创新文化地方特色产品研发设计开发市场游客消费推广发展传统工艺品牌旅游
政府创新文化地方特色产品研发设计开发市场游客消费推广发展传统工艺品牌旅游非遗文创产业融合山西展示城市历史博物馆资源开发政府创新文化地方特色产品研发设计开发市场游客消费推广发展传统工艺品牌旅游
文创产品市场调研数据发展传统工艺品牌
政府创新文化地方特色产品研发设计开发市场游客消费推广发展传统工艺品牌旅游非遗文创产业融合山西展示城市历史博物馆资源开发政府创新文化地方特色产品研发设计开发市场游客消费推广发展传统工艺品牌旅游
政府创新文化地方特色产品研发设计开发市场游客消费推广发展传统工艺品牌旅游非遗文创产业融合山西展示城市历史博物馆资源开发政府创新文化地方特色产品研发设计开发市场游客消费推广发展传统工艺品牌旅游
政府创新文化地方特色产品研发设计开发市场游客消费推广发展传统工艺品牌旅游非遗文创产业融合山西展示城市历史博物馆资源开发政府创新文化地方特色产品研发设计开发市场游客消费推广发展传统工艺品牌旅游
政府创新文化地方特色产品研发设计开发市场游客消费推广发展传统工艺品牌旅游非遗文创产业融合山西展示城市历史博物馆资源开发政府创新文化地方特色产品研发设计开发市场游客消费推广发展传统工艺品牌旅游
政府创新文化地方特色产品研发设计开发市场游客消费推广发展传统工艺品牌旅游非遗文创产业融合山西展示城市历史博物馆资源开发政府创新文化地方特色产品研发设计开发市场游客消费推广发展传统工艺品牌旅游
政府创新文化地方特色产品研发设计开发市场游客消费推广发展传统工艺品牌旅游非遗文创产业融合山西展示城市历史博物馆资源开发政府创新文化地方特色产品研发设计开发市场游客消费推广发展传统工艺品牌旅游
政府创新文化地方特色产品研发设计开发市场游客消费推广发展传统工艺品牌旅游非遗文创产业融合山西展示城市历史博物馆资源开发政府创新文化地方特色产品研发设计开发市场游客消费推广发展传统工艺品牌旅游
政府创新文化地方特色产品研发设计开发市场游客消费推广发展传统工艺品牌旅游非遗文创产业融合山西展示城市历史博物馆资源开发政府创新文化地方特色产品研发设计开发市场游客消费推广发展传统工艺品牌旅游
政府创新文化地方特色产品研发设计开发市场游客消费推广发展传统工艺品牌旅游非遗文创产业融合山西展示城市历史博物馆资源开发政府创新文化地方特色产品研发设计开发市场游客消费推广发展传统工艺品牌旅游
文创产品市场调研数据发展传统工艺品牌
政府创新文化地方特色产品研发设计开发市场游客消费推广发展传统工艺品牌旅游非遗文创产业融合山西展示城市历史博物馆资源开发政府创新文化地方特色产品研发设计开发市场游客消费推广发展传统工艺品牌旅游
政府创新文化地方特色产品研发设计开发市场游客消费推广发展传统工艺品牌旅游非遗文创产业融合山西展示城市历史博物馆资源开发政府创新文化地方特色产品研发设计开发市场游客消费推广发展传统工艺品牌旅游
政府创新文化地方特色产品研发设计开发市场游客消费推广发展传统工艺品牌旅游非遗文创产业融合山西展示城市历史博物馆资源开发政府创新文化地方特色产品研发设计开发市场游客消费推广发展传统工艺品牌旅游
政府创新文化地方特色产品研发设计开发市场游客消费推广发展传统工艺品牌旅游非遗文创产业融合山西展示城市历史博物馆资源开发政府创新文化地方特色产品研发设计开发市场游客消费推广发展传统工艺品牌旅游
政府创新文化地方特色产品研发设计开发市场游客消费推广发展传统工艺品牌旅游非遗文创产业融合山西展示城市历史博物馆资源开发政府创新文化地方特色产品研发设计开发市场游客消费推广发展传统工艺品牌旅游
政府创新文化地方特色产品研发设计开发市场游客消费推广发展传统工艺品牌旅游非遗文创产业融合山西展示城市历史博物馆资源开发政府创新文化地方特色产品研发设计开发市场游客消费推广发展传统工艺品牌旅游
政府创新文化地方特色产品研发设计开发市场游客消费推广发展传统工艺品牌旅游非遗文创产业融合山西展示城市历史博物馆资源开发政府创新文化地方特色产品研发设计开发市场游客消费推广发展传统工艺品牌旅游
政府创新文化地方特色产品研发设计开发市场游客消费推广发展传统工艺品牌旅游非遗文创产业融合山西展示城市历史博物馆资源开发政府创新文化地方特色产品研发设计开发市场游客消费推广发展传统工艺品牌旅游
政府创新文化地方特色产品研发设计开发市场游客消费推广发展传统工艺品牌旅游非遗文创产业融合山西展示城市历史博物馆资源开发政府创新文化地方特色产品研发设计开发市场游客消费推广发展传统工艺品牌旅游
政府创新文化地方特色产品研发设计开发市场游客消费推广发展传统工艺品牌旅游非遗文创产业融合山西展示城市历史博物馆资源开发政府创新文化地方特色产品研发设计开发市场游客消费推广发展传统工艺品牌旅游
文创产品市场调研数据发展传统工艺品牌
政府创新文化地方特色产品研发设计开发市场游客消费推广发展传统工艺品牌旅游非遗文创产业融合山西展示城市历史博物馆资源开发政府创新文化地方特色产品研发设计开发市场游客消费推广发展传统工艺品牌旅游
政府创新文化地方特色产品研发设计开发市场游客消费推广发展传统工艺品牌旅游非遗文创产业融合山西展示城市历史博物馆资源开发政府创新文化地方特色产品研发设计开发市场游客消费推广发展传统工艺品牌旅游
政府创新文化地方特色产品研发设计开发市场游客消费推广发展传统工艺品牌旅游非遗文创产业融合山西展示城市历史博物馆资源开发政府创新文化地方特色产品研发设计开发市场游客消费推广发展传统工艺品牌旅游
政府创新文化地方特色产品研发设计开发市场游客消费推广发展传统工艺品牌旅游非遗文创产业融合山西展示城市历史博物馆资源开发政府创新文化地方特色产品研发设计开发市场游客消费推广发展传统工艺品牌旅游
政府创新文化地方特色产品研发设计开发市场游客消费推广发展传统工艺品牌旅游非遗文创产业融合山西展示城市历史博物馆资源开发政府创新文化地方特色产品研发设计开发市场游客消费推广发展传统工艺品牌旅游
政府创新文化地方特色产品研发设计开发市场游客消费推广发展传统工艺品牌旅游非遗文创产业融合山西展示城市历史博物馆资源开发政府创新文化地方特色产品研发设计开发市场游客消费推广发展传统工艺品牌旅游
政府创新文化地方特色产品研发设计开发市场游客消费推广发展传统工艺品牌旅游非遗文创产业融合山西展示城市历史博物馆资源开发政府创新文化地方特色产品研发设计开发市场游客消费推广发展传统工艺品牌旅游
政府创新文化地方特色产品研发设计开发市场游客消费推广发展传统工艺品牌旅游非遗文创产业融合山西展示城市历史博物馆资源开发政府创新文化地方特色产品研发设计开发市场游客消费推广发展传统工艺品牌旅游
政府创新文化地方特色产品研发设计开发市场游客消费推广发展传统工艺品牌旅游非遗文创产业融合山西展示城市历史博物馆资源开发政府创新文化地方特色产品研发设计开发市场游客消费推广发展传统工艺品牌旅游
文创产品市场调研数据发展传统工艺品牌
政府创新文化地方特色产品研发设计开发市场游客消费推广发展传统工艺品牌旅游非遗文创产业融合山西展示城市历史博物馆资源开发政府创新文化地方特色产品研发设计开发市场游客消费推广发展传统工艺品牌旅游
政府创新文化地方特色产品研发设计开发市场游客消费推广发展传统工艺品牌旅游非遗文创产业融合山西展示城市历史博物馆资源开发政府创新文化地方特色产品研发设计开发市场游客消费推广发展传统工艺品牌旅游
政府创新文化地方特色产品研发设计开发市场游客消费推广发展传统工艺品牌旅游非遗文创产业融合山西展示城市历史博物馆资源开发政府创新文化地方特色产品研发设计开发市场游客消费推广发展传统工艺品牌旅游
政府创新文化地方特色产品研发设计开发市场游客消费推广发展传统工艺品牌旅游非遗文创产业融合山西展示城市历史博物馆资源开发政府创新文化地方特色产品研发设计开发市场游客消费推广发展传统工艺品牌旅游
政府创新文化地方特色产品研发设计开发市场游客消费推广发展传统工艺品牌旅游非遗文创产业融合山西展示城市历史博物馆资源开发政府创新文化地方特色产品研发设计开发市场游客消费推广发展传统工艺品牌旅游
政府创新文化地方特色产品研发设计开发市场游客消费推广发展传统工艺品牌旅游非遗文创产业融合山西展示城市历史博物馆资源开发政府创新文化地方特色产品研发设计开发市场游客消费推广发展传统工艺品牌旅游
政府创新文化地方特色产品研发设计开发市场游客消费推广发展传统工艺品牌旅游非遗文创产业融合山西展示城市历史博物馆资源开发政府创新文化地方特色产品研发设计开发市场游客消费推广发展传统工艺品牌旅游
政府创新文化地方特色产品研发设计开发市场游客消费推广发展传统工艺品牌旅游非遗文创产业融合山西展示城市历史博物馆资源开发政府创新文化地方特色产品研发设计开发市场游客消费推广发展传统工艺品牌旅游
文创产品市场调研数据发展传统工艺品牌
政府创新文化地方特色产品研发设计开发市场游客消费推广发展传统工艺品牌旅游非遗文创产业融合山西展示城市历史博物馆资源开发政府创新文化地方特色产品研发设计开发市场游客消费推广发展传统工艺品牌旅游
政府创新文化地方特色产品研发设计开发市场游客消费推广发展传统工艺品牌旅游非遗文创产业融合山西展示城市历史博物馆资源开发政府创新文化地方特色产品研发设计开发市场游客消费推广发展传统工艺品牌旅游
政府创新文化地方特色产品研发设计开发市场游客消费推广发展传统工艺品牌旅游非遗文创产业融合山西展示城市历史博物馆资源开发政府创新文化地方特色产品研发设计开发市场游客消费推广发展传统工艺品牌旅游
政府创新文化地方特色产品研发设计开发市场游客消费推广发展传统工艺品牌旅游非遗文创产业融合山西展示城市历史博物馆资源开发政府创新文化地方特色产品研发设计开发市场游客消费推广发展传统工艺品牌旅游
政府创新文化地方特色产品研发设计开发市场游客消费推广发展传统工艺品牌旅游非遗文创产业融合山西展示城市历史博物馆资源开发政府创新文化地方特色产品研发设计开发市场游客消费推广发展传统工艺品牌旅游
政府创新文化地方特色产品研发设计开发市场游客消费推广发展传统工艺品牌旅游非遗文创产业融合山西展示城市历史博物馆资源开发政府创新文化地方特色产品研发设计开发市场游客消费推广发展传统工艺品牌旅游
政府创新文化地方特色产品研发设计开发市场游客消费推广发展传统工艺品牌旅游非遗文创产业融合山西展示城市历史博物馆资源开发政府创新文化地方特色产品研发设计开发市场游客消费推广发展传统工艺品牌旅游
政府创新文化地方特色产品研发设计开发市场游客消费推广发展传统工艺品牌旅游非遗文创产业融合山西展示城市历史博物馆资源开发政府创新文化地方特色产品研发设计开发市场游客消费推广发展传统工艺品牌旅游
政府创新文化地方特色产品研发设计开发市场游客消费推广发展传统工艺品牌旅游非遗文创产业融合山西展示城市历史博物馆资源开发政府创新文化地方特色产品研发设计开发市场游客消费推广发展传统工艺品牌旅游
政府创新文化地方特色产品研发设计开发市场游客消费推广发展传统工艺品牌旅游非遗文创产业融合山西展示城市历史博物馆资源开发政府创新文化地方特色产品研发设计开发市场游客消费推广发展传统工艺品牌旅游
文创产品市场调研数据发展传统工艺品牌
政府创新文化地方特色产品研发设计开发市场游客消费推广发展传统工艺品牌旅游非遗文创产业融合山西展示城市历史博物馆资源开发政府创新文化地方特色产品研发设计开发市场游客消费推广发展传统工艺品牌旅游
政府创新文化地方特色产品研发设计开发市场游客消费推广发展传统工艺品牌旅游非遗文创产业融合山西展示城市历史博物馆资源开发政府创新文化地方特色产品研发设计开发市场游客消费推广发展传统工艺品牌旅游
政府创新文化地方特色产品研发设计开发市场游客消费推广发展传统工艺品牌旅游非遗文创产业融合山西展示城市历史博物馆资源开发政府创新文化地方特色产品研发设计开发市场游客消费推广发展传统工艺品牌旅游
政府创新文化地方特色产品研发设计开发市场游客消费推广发展传统工艺品牌旅游非遗文创产业融合山西展示城市历史博物馆资源开发政府创新文化地方特色产品研发设计开发市场游客消费推广发展传统工艺品牌旅游
政府创新文化地方特色产品研发设计开发市场游客消费推广发展传统工艺品牌旅游非遗文创产业融合山西展示城市历史博物馆资源开发政府创新文化地方特色产品研发设计开发市场游客消费推广发展传统工艺品牌旅游
政府创新文化地方特色产品研发设计开发市场游客消费推广发展传统工艺品牌旅游非遗文创产业融合山西展示城市历史博物馆资源开发政府创新文化地方特色产品研发设计开发市场游客消费推广发展传统工艺品牌旅游
政府创新文化地方特色产品研发设计开发市场游客消费推广发展传统工艺品牌旅游非遗文创产业融合山西展示城市历史博物馆资源开发政府创新文化地方特色产品研发设计开发市场游客消费推广发展传统工艺品牌旅游
文创产品市场调研数据发展传统工艺品牌
政府创新文化地方特色产品研发设计开发市场游客消费推广发展传统工艺品牌旅游非遗文创产业融合山西展示城市历史博物馆资源开发政府创新文化地方特色产品研发设计开发市场游客消费推广发展传统工艺品牌旅游
政府创新文化地方特色产品研发设计开发市场游客消费推广发展传统工艺品牌旅游非遗文创产业融合山西展示城市历史博物馆资源开发政府创新文化地方特色产品研发设计开发市场游客消费推广发展传统工艺品牌旅游
政府创新文化地方特色产品研发设计开发市场游客消费推广发展传统工艺品牌旅游非遗文创产业融合山西展示城市历史博物馆资源开发政府创新文化地方特色产品研发设计开发市场游客消费推广发展传统工艺品牌旅游
政府创新文化地方特色产品研发设计开发市场游客消费推广发展传统工艺品牌旅游非遗文创产业融合山西展示城市历史博物馆资源开发政府创新文化地方特色产品研发设计开发市场游客消费推广发展传统工艺品牌旅游
政府创新文化地方特色产品研发设计开发市场游客消费推广发展传统工艺品牌旅游非遗文创产业融合山西展示城市历史博物馆资源开发政府创新文化地方特色产品研发设计开发市场游客消费推广发展传统工艺品牌旅游
政府创新文化地方特色产品研发设计开发市场游客消费推广发展传统工艺品牌旅游非遗文创产业融合山西展示城市历史博物馆资源开发政府创新文化地方特色产品研发设计开发市场游客消费推广发展传统工艺品牌旅游
政府创新文化地方特色产品研发设计开发市场游客消费推广发展传统工艺品牌旅游非遗文创产业融合山西展示城市历史博物馆资源开发政府创新文化地方特色产品研发设计开发市场游客消费推广发展传统工艺品牌旅游
政府创新文化地方特色产品研发设计开发市场游客消费推广发展传统工艺品牌旅游非遗文创产业融合山西展示城市历史博物馆资源开发政府创新文化地方特色产品研发设计开发市场游客消费推广发展传统工艺品牌旅游
政府创新文化地方特色产品研发设计开发市场游客消费推广发展传统工艺品牌旅游非遗文创产业融合山西展示城市历史博物馆资源开发政府创新文化地方特色产品研发设计开发市场游客消费推广发展传统工艺品牌旅游
文创产品市场调研数据发展传统工艺品牌
政府创新文化地方特色产品研发设计开发市场游客消费推广发展传统工艺品牌旅游非遗文创产业融合山西展示城市历史博物馆资源开发政府创新文化地方特色产品研发设计开发市场游客消费推广发展传统工艺品牌旅游
政府创新文化地方特色产品研发设计开发市场游客消费推广发展传统工艺品牌旅游非遗文创产业融合山西展示城市历史博物馆资源开发政府创新文化地方特色产品研发设计开发市场游客消费推广发展传统工艺品牌旅游
政府创新文化地方特色产品研发设计开发市场游客消费推广发展传统工艺品牌旅游非遗文创产业融合山西展示城市历史博物馆资源开发政府创新文化地方特色产品研发设计开发市场游客消费推广发展传统工艺品牌旅游
政府创新文化地方特色产品研发设计开发市场游客消费推广发展传统工艺品牌旅游非遗文创产业融合山西展示城市历史博物馆资源开发政府创新文化地方特色产品研发设计开发市场游客消费推广发展传统工艺品牌旅游
政府创新文化地方特色产品研发设计开发市场游客消费推广发展传统工艺品牌旅游非遗文创产业融合山西展示城市历史博物馆资源开发政府创新文化地方特色产品研发设计开发市场游客消费推广发展传统工艺品牌旅游
政府创新文化地方特色产品研发设计开发市场游客消费推广发展传统工艺品牌旅游非遗文创产业融合山西展示城市历史博物馆资源开发政府创新文化地方特色产品研发设计开发市场游客消费推广发展传统工艺品牌旅游
政府创新文化地方特色产品研发设计开发市场游客消费推广发展传统工艺品牌旅游非遗文创产业融合山西展示城市历史博物馆资源开发政府创新文化地方特色产品研发设计开发市场游客消费推广发展传统工艺品牌旅游
政府创新文化地方特色产品研发设计开发市场游客消费推广发展传统工艺品牌旅游非遗文创产业融合山西展示城市历史博物馆资源开发政府创新文化地方特色产品研发设计开发市场游客消费推广发展传统工艺品牌旅游
文创产品市场调研数据发展传统工艺品牌
政府创新文化地方特色产品研发设计开发市场游客消费推广发展传统工艺品牌旅游非遗文创产业融合山西展示城市历史博物馆资源开发政府创新文化地方特色产品研发设计开发市场游客消费推广发展传统工艺品牌旅游
政府创新文化地方特色产品研发设计开发市场游客消费推广发展传统工艺品牌旅游非遗文创产业融合山西展示城市历史博物馆资源开发政府创新文化地方特色产品研发设计开发市场游客消费推广发展传统工艺品牌旅游
政府创新文化地方特色产品研发设计开发市场游客消费推广发展传统工艺品牌旅游非遗文创产业融合山西展示城市历史博物馆资源开发政府创新文化地方特色产品研发设计开发市场游客消费推广发展传统工艺品牌旅游
政府创新文化地方特色产品研发设计开发市场游客消费推广发展传统工艺品牌旅游非遗文创产业融合山西展示城市历史博物馆资源开发政府创新文化地方特色产品研发设计开发市场游客消费推广发展传统工艺品牌旅游
政府创新文化地方特色产品研发设计开发市场游客消费推广发展传统工艺品牌旅游非遗文创产业融合山西展示城市历史博物馆资源开发政府创新文化地方特色产品研发设计开发市场游客消费推广发展传统工艺品牌旅游
政府创新文化地方特色产品研发设计开发市场游客消费推广发展传统工艺品牌旅游非遗文创产业融合山西展示城市历史博物馆资源开发政府创新文化地方特色产品研发设计开发市场游客消费推广发展传统工艺品牌旅游
政府创新文化地方特色产品研发设计开发市场游客消费推广发展传统工艺品牌旅游非遗文创产业融合山西展示城市历史博物馆资源开发政府创新文化地方特色产品研发设计开发市场游客消费推广发展传统工艺品牌旅游
政府创新文化地方特色产品研发设计开发市场游客消费推广发展传统工艺品牌旅游非遗文创产业融合山西展示城市历史博物馆资源开发政府创新文化地方特色产品研发设计开发市场游客消费推广发展传统工艺品牌旅游
政府创新文化地方特色产品研发设计开发市场游客消费推广发展传统工艺品牌旅游非遗文创产业融合山西展示城市历史博物馆资源开发政府创新文化地方特色产品研发设计开发市场游客消费推广发展传统工艺品牌旅游
政府创新文化地方特色产品研发设计开发市场游客消费推广发展传统工艺品牌旅游非遗文创产业融合山西展示城市历史博物馆资源开发政府创新文化地方特色产品研发设计开发市场游客消费推广发展传统工艺品牌旅游
文创产品市场调研数据发展传统工艺品牌
政府创新文化地方特色产品研发设计开发市场游客消费推广发展传统工艺品牌旅游非遗文创产业融合山西展示城市历史博物馆资源开发政府创新文化地方特色产品研发设计开发市场游客消费推广发展传统工艺品牌旅游
政府创新文化地方特色产品研发设计开发市场游客消费推广发展传统工艺品牌旅游非遗文创产业融合山西展示城市历史博物馆资源开发政府创新文化地方特色产品研发设计开发市场游客消费推广发展传统工艺品牌旅游
政府创新文化地方特色产品研发设计开发市场游客消费推广发展传统工艺品牌旅游非遗文创产业融合山西展示城市历史博物馆资源开发政府创新文化地方特色产品研发设计开发市场游客消费推广发展传统工艺品牌旅游
政府创新文化地方特色产品研发设计开发市场游客消费推广发展传统工艺品牌旅游非遗文创产业融合山西展示城市历史博物馆资源开发政府创新文化地方特色产品研发设计开发市场游客消费推广发展传统工艺品牌旅游
政府创新文化地方特色产品研发设计开发市场游客消费推广发展传统工艺品牌旅游非遗文创产业融合山西展示城市历史博物馆资源开发政府创新文化地方特色产品研发设计开发市场游客消费推广发展传统工艺品牌旅游
政府创新文化地方特色产品研发设计开发市场游客消费推广发展传统工艺品牌旅游非遗文创产业融合山西展示城市历史博物馆资源开发政府创新文化地方特色产品研发设计开发市场游客消费推广发展传统工艺品牌旅游
政府创新文化地方特色产品研发设计开发市场游客消费推广发展传统工艺品牌旅游非遗文创产业融合山西展示城市历史博物馆资源开发政府创新文化地方特色产品研发设计开发市场游客消费推广发展传统工艺品牌旅游
文创产品市场调研数据发展传统工艺品牌
政府创新文化地方特色产品研发设计开发市场游客消费推广发展传统工艺品牌旅游非遗文创产业融合山西展示城市历史博物馆资源开发政府创新文化地方特色产品研发设计开发市场游客消费推广发展传统工艺品牌旅游
政府创新文化地方特色产品研发设计开发市场游客消费推广发展传统工艺品牌旅游非遗文创产业融合山西展示城市历史博物馆资源开发政府创新文化地方特色产品研发设计开发市场游客消费推广发展传统工艺品牌旅游
政府创新文化地方特色产品研发设计开发市场游客消费推广发展传统工艺品牌旅游非遗文创产业融合山西展示城市历史博物馆资源开发政府创新文化地方特色产品研发设计开发市场游客消费推广发展传统工艺品牌旅游
政府创新文化地方特色产品研发设计开发市场游客消费推广发展传统工艺品牌旅游非遗文创产业融合山西展示城市历史博物馆资源开发政府创新文化地方特色产品研发设计开发市场游客消费推广发展传统工艺品牌旅游
政府创新文化地方特色产品研发设计开发市场游客消费推广发展传统工艺品牌旅游非遗文创产业融合山西展示城市历史博物馆资源开发政府创新文化地方特色产品研发设计开发市场游客消费推广发展传统工艺品牌旅游
政府创新文化地方特色产品研发设计开发市场游客消费推广发展传统工艺品牌旅游非遗文创产业融合山西展示城市历史博物馆资源开发政府创新文化地方特色产品研发设计开发市场游客消费推广发展传统工艺品牌旅游
政府创新文化地方特色产品研发设计开发市场游客消费推广发展传统工艺品牌旅游非遗文创产业融合山西展示城市历史博物馆资源开发政府创新文化地方特色产品研发设计开发市场游客消费推广发展传统工艺品牌旅游
政府创新文化地方特色产品研发设计开发市场游客消费推广发展传统工艺品牌旅游非遗文创产业融合山西展示城市历史博物馆资源开发政府创新文化地方特色产品研发设计开发市场游客消费推广发展传统工艺品牌旅游
文创产品市场调研数据发展传统工艺品牌
政府创新文化地方特色产品研发设计开发市场游客消费推广发展传统工艺品牌旅游非遗文创产业融合山西展示城市历史博物馆资源开发政府创新文化地方特色产品研发设计开发市场游客消费推广发展传统工艺品牌旅游
政府创新文化地方特色产品研发设计开发市场游客消费推广发展传统工艺品牌旅游非遗文创产业融合山西展示城市历史博物馆资源开发政府创新文化地方特色产品研发设计开发市场游客消费推广发展传统工艺品牌旅游
政府创新文化地方特色产品研发设计开发市场游客消费推广发展传统工艺品牌旅游非遗文创产业融合山西展示城市历史博物馆资源开发政府创新文化地方特色产品研发设计开发市场游客消费推广发展传统工艺品牌旅游
政府创新文化地方特色产品研发设计开发市场游客消费推广发展传统工艺品牌旅游非遗文创产业融合山西展示城市历史博物馆资源开发政府创新文化地方特色产品研发设计开发市场游客消费推广发展传统工艺品牌旅游
政府创新文化地方特色产品研发设计开发市场游客消费推广发展传统工艺品牌旅游非遗文创产业融合山西展示城市历史博物馆资源开发政府创新文化地方特色产品研发设计开发市场游客消费推广发展传统工艺品牌旅游
政府创新文化地方特色产品研发设计开发市场游客消费推广发展传统工艺品牌旅游非遗文创产业融合山西展示城市历史博物馆资源开发政府创新文化地方特色产品研发设计开发市场游客消费推广发展传统工艺品牌旅游
政府创新文化地方特色产品研发设计开发市场游客消费推广发展传统工艺品牌旅游非遗文创产业融合山西展示城市历史博物馆资源开发政府创新文化地方特色产品研发设计开发市场游客消费推广发展传统工艺品牌旅游
政府创新文化地方特色产品研发设计开发市场游客消费推广发展传统工艺品牌旅游非遗文创产业融合山西展示城市历史博物馆资源开发政府创新文化地方特色产品研发设计开发市场游客消费推广发展传统工艺品牌旅游
政府创新文化地方特色产品研发设计开发市场游客消费推广发展传统工艺品牌旅游非遗文创产业融合山西展示城市历史博物馆资源开发政府创新文化地方特色产品研发设计开发市场游客消费推广发展传统工艺品牌旅游
文创产品市场调研数据发展传统工艺品牌
政府创新文化地方特色产品研发设计开发市场游客消费推广发展传统工艺品牌旅游非遗文创产业融合山西展示城市历史博物馆资源开发政府创新文化地方特色产品研发设计开发市场游客消费推广发展传统工艺品牌旅游
政府创新文化地方特色产品研发设计开发市场游客消费推广发展传统工艺品牌旅游非遗文创产业融合山西展示城市历史博物馆资源开发政府创新文化地方特色产品研发设计开发市场游客消费推广发展传统工艺品牌旅游
政府创新文化地方特色产品研发设计开发市场游客消费推广发展传统工艺品牌旅游非遗文创产业融合山西展示城市历史博物馆资源开发政府创新文化地方特色产品研发设计开发市场游客消费推广发展传统工艺品牌旅游
政府创新文化地方特色产品研发设计开发市场游客消费推广发展传统工艺品牌旅游非遗文创产业融合山西展示城市历史博物馆资源开发政府创新文化地方特色产品研发设计开发市场游客消费推广发展传统工艺品牌旅游
政府创新文化地方特色产品研发设计开发市场游客消费推广发展传统工艺品牌旅游非遗文创产业融合山西展示城市历史博物馆资源开发政府创新文化地方特色产品研发设计开发市场游客消费推广发展传统工艺品牌旅游
政府创新文化地方特色产品研发设计开发市场游客消费推广发展传统工艺品牌旅游非遗文创产业融合山西展示城市历史博物馆资源开发政府创新文化地方特色产品研发设计开发市场游客消费推广发展传统工艺品牌旅游
政府创新文化地方特色产品研发设计开发市场游客消费推广发展传统工艺品牌旅游非遗文创产业融合山西展示城市历史博物馆资源开发政府创新文化地方特色产品研发设计开发市场游客消费推广发展传统工艺品牌旅游
政府创新文化地方特色产品研发设计开发市场游客消费推广发展传统工艺品牌旅游非遗文创产业融合山西展示城市历史博物馆资源开发政府创新文化地方特色产品研发设计开发市场游客消费推广发展传统工艺品牌旅游
政府创新文化地方特色产品研发设计开发市场游客消费推广发展传统工艺品牌旅游非遗文创产业融合山西展示城市历史博物馆资源开发政府创新文化地方特色产品研发设计开发市场游客消费推广发展传统工艺品牌旅游
政府创新文化地方特色产品研发设计开发市场游客消费推广发展传统工艺品牌旅游非遗文创产业融合山西展示城市历史博物馆资源开发政府创新文化地方特色产品研发设计开发市场游客消费推广发展传统工艺品牌旅游
文创产品市场调研数据发展传统工艺品牌
政府创新文化地方特色产品研发设计开发市场游客消费推广发展传统工艺品牌旅游非遗文创产业融合山西展示城市历史博物馆资源开发政府创新文化地方特色产品研发设计开发市场游客消费推广发展传统工艺品牌旅游
政府创新文化地方特色产品研发设计开发市场游客消费推广发展传统工艺品牌旅游非遗文创产业融合山西展示城市历史博物馆资源开发政府创新文化地方特色产品研发设计开发市场游客消费推广发展传统工艺品牌旅游
政府创新文化地方特色产品研发设计开发市场游客消费推广发展传统工艺品牌旅游非遗文创产业融合山西展示城市历史博物馆资源开发政府创新文化地方特色产品研发设计开发市场游客消费推广发展传统工艺品牌旅游
政府创新文化地方特色产品研发设计开发市场游客消费推广发展传统工艺品牌旅游非遗文创产业融合山西展示城市历史博物馆资源开发政府创新文化地方特色产品研发设计开发市场游客消费推广发展传统工艺品牌旅游
文化 资讯
太原博物馆闭馆不闭展
多元化服务“云上开花”
政府创新文化地方特色产品研发设计开发市场游客消费推广发展传统工艺品牌旅游非遗文创产业融合山西展示城市历史博物馆资源开发政府创新文化地方特色产品研发设计开发市场游客消费推广发展传统工艺品牌旅游
政府创新文化地方特色产品研发设计开发市场游客消费推广发展传统工艺品牌旅游非遗文创产业融合山西展示城市历史博物馆资源开发政府创新文化地方特色产品研发设计开发市场游客消费推广发展传统工艺品牌旅游
政府创新文化地方特色产品研发设计开发市场游客消费推广发展传统工艺品牌旅游非遗文创产业融合山西展示城市历史博物馆资源开发政府创新文化地方特色产品研发设计开发市场游客消费推广发展传统工艺品牌旅游
政府创新文化地方特色产品研发设计开发市场游客消费推广发展传统工艺品牌旅游非遗文创产业融合山西展示城市历史博物馆资源开发政府创新文化地方特色产品研发设计开发市场游客消费推广发展传统工艺品牌旅游
政府创新文化地方特色产品研发设计开发市场游客消费推广发展传统工艺品牌旅游非遗文创产业融合山西展示城市历史博物馆资源开发政府创新文化地方特色产品研发设计开发市场游客消费推广发展传统工艺品牌旅游
政府创新文化地方特色产品研发设计开发市场游客消费推广发展传统工艺品牌旅游非遗文创产业融合山西展示城市历史博物馆资源开发政府创新文化地方特色产品研发设计开发市场游客消费推广发展传统工艺品牌旅游
文创产品市场调研数据发展传统工艺品牌
政府创新文化地方特色产品研发设计开发市场游客消费推广发展传统工艺品牌旅游非遗文创产业融合山西展示城市历史博物馆资源开发政府创新文化地方特色产品研发设计开发市场游客消费推广发展传统工艺品牌旅游
政府创新文化地方特色产品研发设计开发市场游客消费推广发展传统工艺品牌旅游非遗文创产业融合山西展示城市历史博物馆资源开发政府创新文化地方特色产品研发设计开发市场游客消费推广发展传统工艺品牌旅游
政府创新文化地方特色产品研发设计开发市场游客消费推广发展传统工艺品牌旅游非遗文创产业融合山西展示城市历史博物馆资源开发政府创新文化地方特色产品研发设计开发市场游客消费推广发展传统工艺品牌旅游
政府创新文化地方特色产品研发设计开发市场游客消费推广发展传统工艺品牌旅游非遗文创产业融合山西展示城市历史博物馆资源开发政府创新文化地方特色产品研发设计开发市场游客消费推广发展传统工艺品牌旅游
政府创新文化地方特色产品研发设计开发市场游客消费推广发展传统工艺品牌旅游非遗文创产业融合山西展示城市历史博物馆资源开发政府创新文化地方特色产品研发设计开发市场游客消费推广发展传统工艺品牌旅游
政府创新文化地方特色产品研发设计开发市场游客消费推广发展传统工艺品牌旅游非遗文创产业融合山西展示城市历史博物馆资源开发政府创新文化地方特色产品研发设计开发市场游客消费推广发展传统工艺品牌旅游
政府创新文化地方特色产品研发设计开发市场游客消费推广发展传统工艺品牌旅游非遗文创产业融合山西展示城市历史博物馆资源开发政府创新文化地方特色产品研发设计开发市场游客消费推广发展传统工艺品牌旅游
政府创新文化地方特色产品研发设计开发市场游客消费推广发展传统工艺品牌旅游非遗文创产业融合山西展示城市历史博物馆资源开发政府创新文化地方特色产品研发设计开发市场游客消费推广发展传统工艺品牌旅游
政府创新文化地方特色产品研发设计开发市场游客消费推广发展传统工艺品牌旅游非遗文创产业融合山西展示城市历史博物馆资源开发政府创新文化地方特色产品研发设计开发市场游客消费推广发展传统工艺品牌旅游
政府创新文化地方特色产品研发设计开发市场游客消费推广发展传统工艺品牌旅游非遗文创产业融合山西展示城市历史博物馆资源开发政府创新文化地方特色产品研发设计开发市场游客消费推广发展传统工艺品牌旅游
政府创新文化地方特色产品研发设计开发市场游客消费推广发展传统工艺品牌旅游非遗文创产业融合山西展示城市历史博物馆资源开发政府创新文化地方特色产品研发设计开发市场游客消费推广发展传统工艺品牌旅游
文创产品市场调研数据发展传统工艺品牌
本版编辑 王海 校对 王涛 电话 0351
